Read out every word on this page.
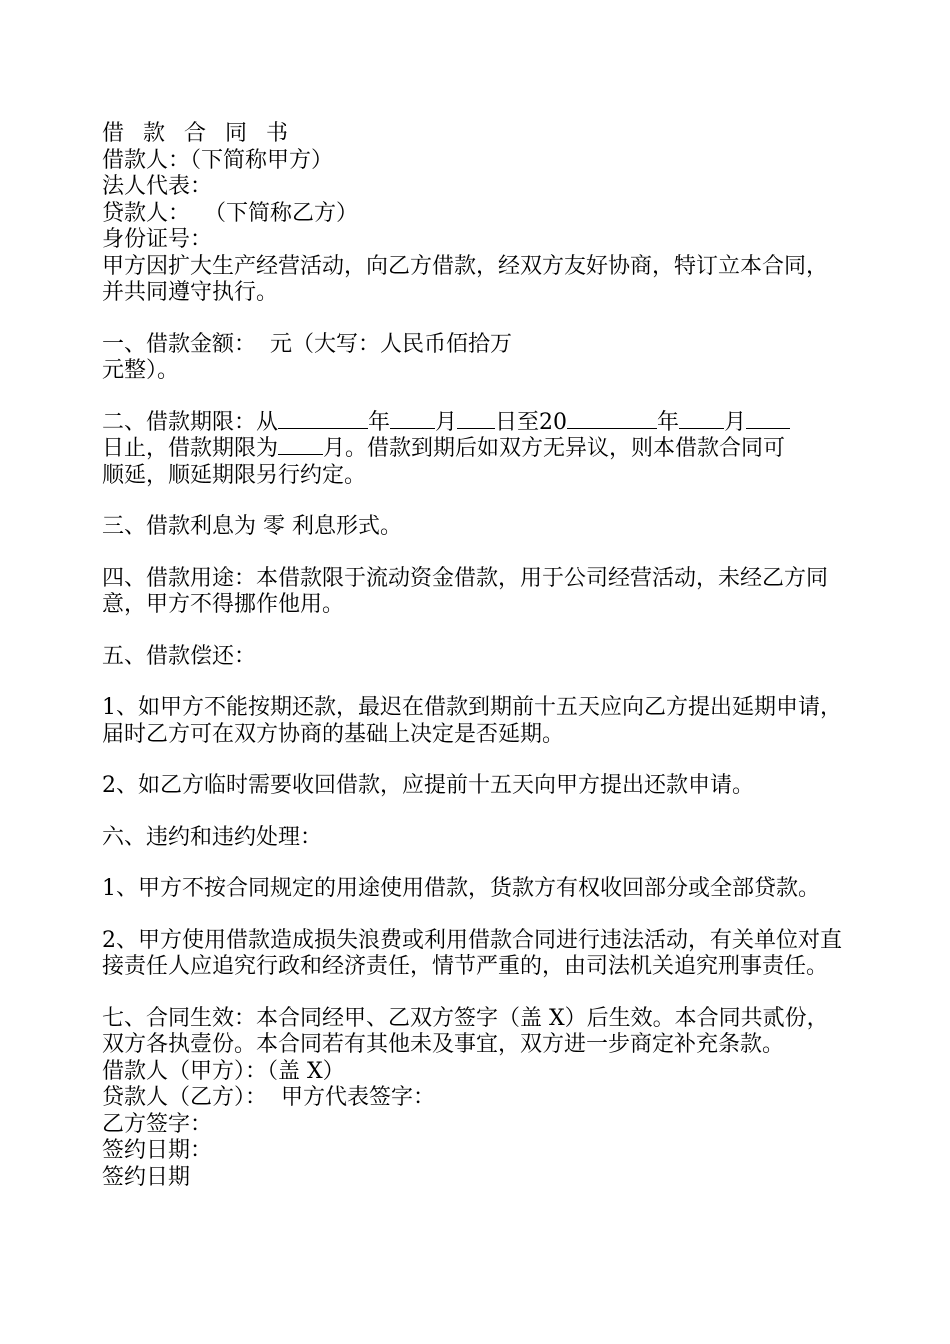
借 款 合 同 书
借款人：（下简称甲方）
法人代表：
贷款人：  （下简称乙方）
身份证号：

甲方因扩大生产经营活动，向乙方借款，经双方友好协商，特订立本合同， 并共同遵守执行。

一、借款金额：  元（大写：人民币佰拾万
元整）。
二、借款期限：从	年 月 日至20	年 月
日止，借款期限为 月。借款到期后如双方无异议，则本借款合同可
顺延，顺延期限另行约定。

三、借款利息为 零 利息形式。

四、借款用途：本借款限于流动资金借款，用于公司经营活动，未经乙方同 意，甲方不得挪作他用。

五、借款偿还：

1、如甲方不能按期还款，最迟在借款到期前十五天应向乙方提出延期申请， 届时乙方可在双方协商的基础上决定是否延期。

2、如乙方临时需要收回借款，应提前十五天向甲方提出还款申请。

六、违约和违约处理：

1、甲方不按合同规定的用途使用借款，货款方有权收回部分或全部贷款。

2、甲方使用借款造成损失浪费或利用借款合同进行违法活动，有关单位对直接责任人应追究行政和经济责任，情节严重的，由司法机关追究刑事责任。

七、合同生效：本合同经甲、乙双方签字（盖 X）后生效。本合同共贰份， 双方各执壹份。本合同若有其他未及事宜，双方进一步商定补充条款。

借款人（甲方）：（盖 X）
贷款人（乙方）：  甲方代表签字：
乙方签字：
签约日期：
签约日期
